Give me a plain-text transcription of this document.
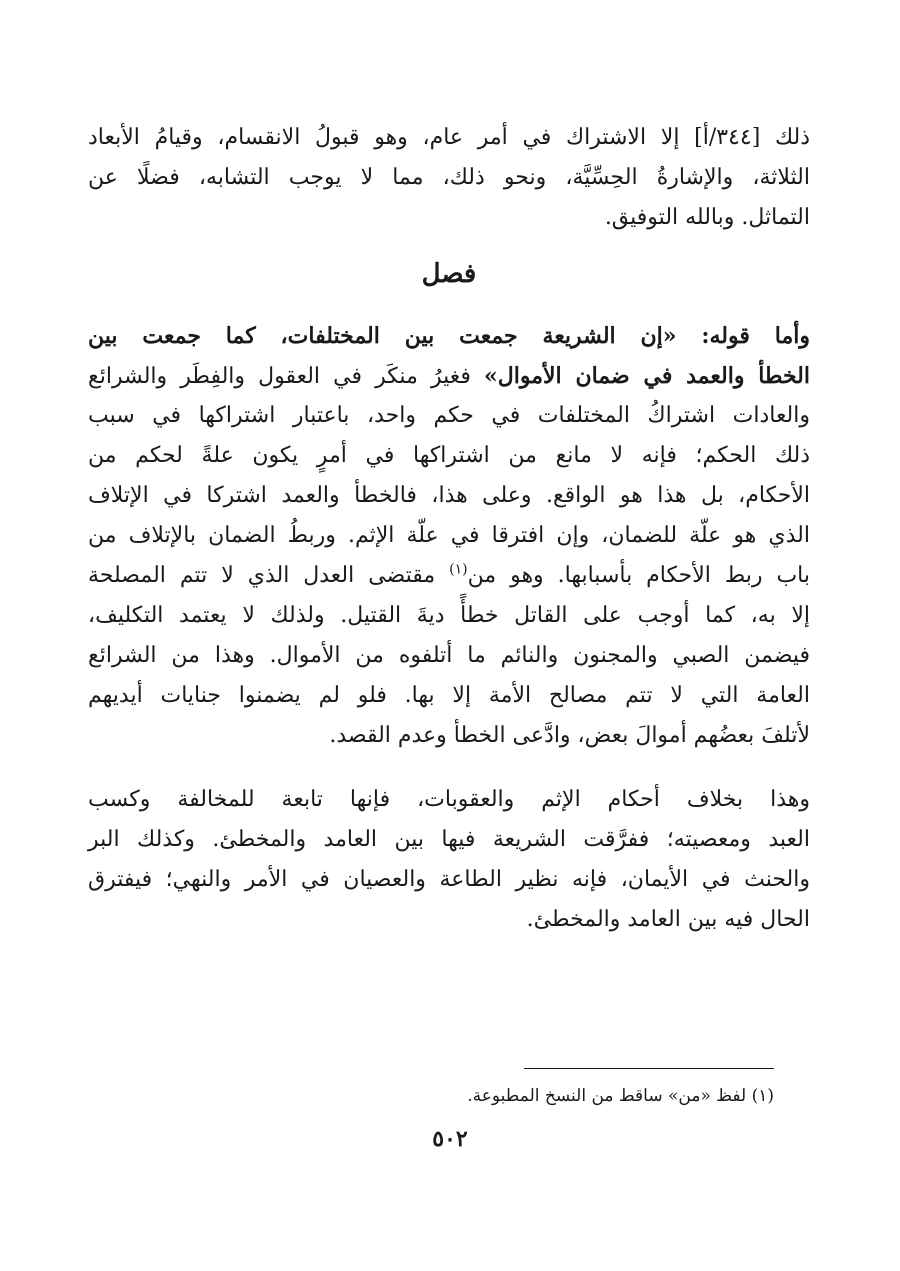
ذلك [٣٤٤/أ] إلا الاشتراك في أمر عام، وهو قبولُ الانقسام، وقيامُ الأبعاد
الثلاثة، والإشارةُ الحِسِّيَّة، ونحو ذلك، مما لا يوجب التشابه، فضلًا عن
التماثل. وبالله التوفيق.
فصل
وأما قوله: «إن الشريعة جمعت بين المختلفات، كما جمعت بين
الخطأ والعمد في ضمان الأموال» فغيرُ منكَر في العقول والفِطَر والشرائع
والعادات اشتراكُ المختلفات في حكم واحد، باعتبار اشتراكها في سبب
ذلك الحكم؛ فإنه لا مانع من اشتراكها في أمرٍ يكون علةً لحكم من
الأحكام، بل هذا هو الواقع. وعلى هذا، فالخطأ والعمد اشتركا في الإتلاف
الذي هو علّة للضمان، وإن افترقا في علّة الإثم. وربطُ الضمان بالإتلاف من
باب ربط الأحكام بأسبابها. وهو من$^{(١)}$ مقتضى العدل الذي لا تتم المصلحة
إلا به، كما أوجب على القاتل خطأً ديةَ القتيل. ولذلك لا يعتمد التكليف،
فيضمن الصبي والمجنون والنائم ما أتلفوه من الأموال. وهذا من الشرائع
العامة التي لا تتم مصالح الأمة إلا بها. فلو لم يضمنوا جنايات أيديهم
لأتلفَ بعضُهم أموالَ بعض، وادَّعى الخطأ وعدم القصد.
وهذا بخلاف أحكام الإثم والعقوبات، فإنها تابعة للمخالفة وكسب
العبد ومعصيته؛ ففرَّقت الشريعة فيها بين العامد والمخطئ. وكذلك البر
والحنث في الأيمان، فإنه نظير الطاعة والعصيان في الأمر والنهي؛ فيفترق
الحال فيه بين العامد والمخطئ.
(١) لفظ «من» ساقط من النسخ المطبوعة.
٥٠٢
